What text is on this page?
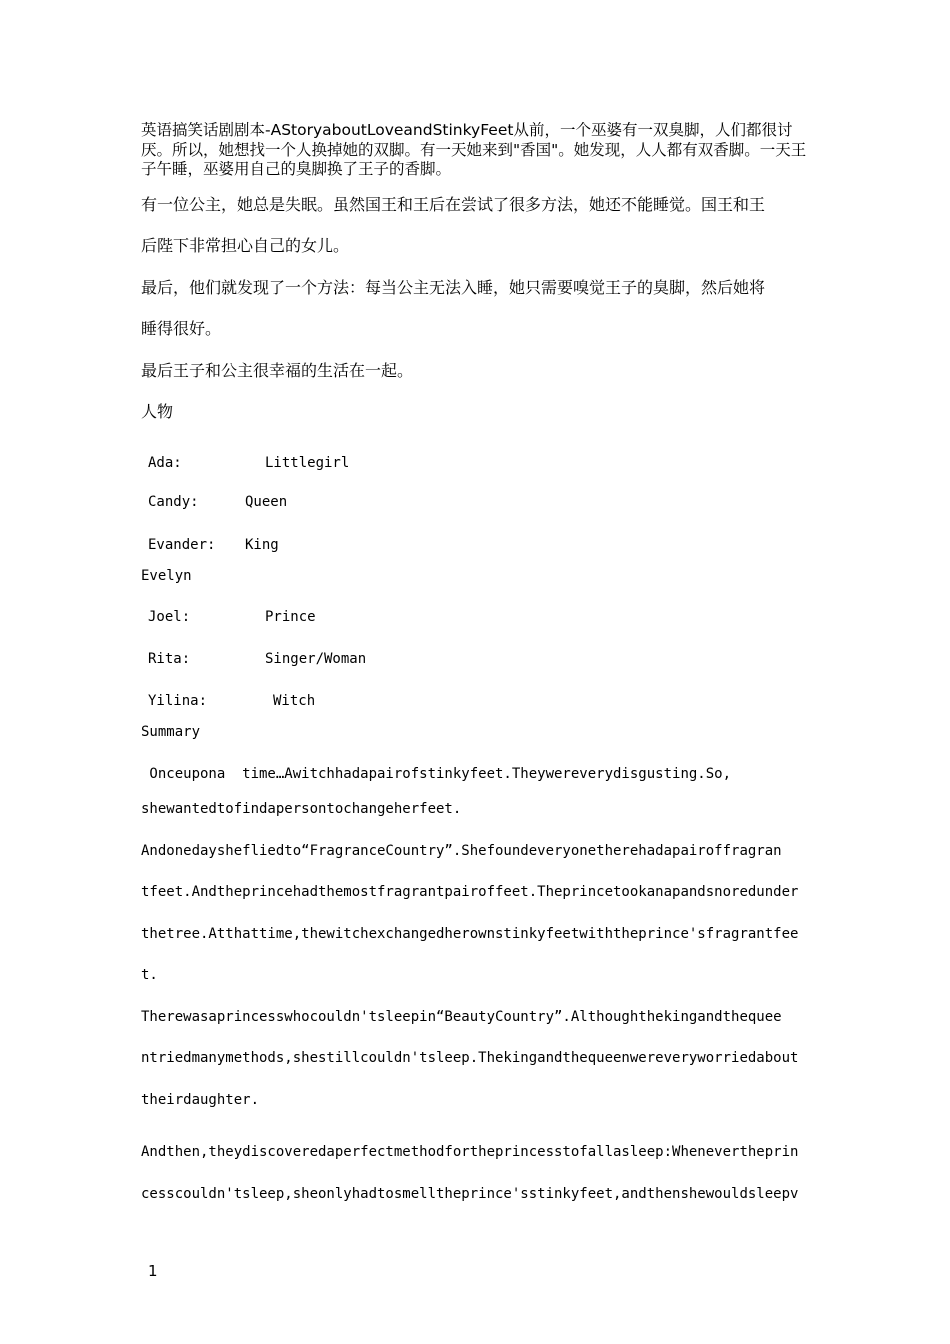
英语搞笑话剧剧本-AStoryaboutLoveandStinkyFeet从前，一个巫婆有一双臭脚，人们都很讨厌。所以，她想找一个人换掉她的双脚。有一天她来到"香国"。她发现，人人都有双香脚。一天王子午睡，巫婆用自己的臭脚换了王子的香脚。

有一位公主，她总是失眠。虽然国王和王后在尝试了很多方法，她还不能睡觉。国王和王

后陛下非常担心自己的女儿。

最后，他们就发现了一个方法：每当公主无法入睡，她只需要嗅觉王子的臭脚，然后她将

睡得很好。

最后王子和公主很幸福的生活在一起。

人物

Ada:	Littlegirl

Candy:	Queen

Evander: King

Evelyn

Joel:	Prince

Rita:	Singer/Woman

Yilina:	Witch

Summary

Onceupona  time…Awitchhadapairofstinkyfeet.Theywereverydisgusting.So,

shewantedtofindapersontochangeherfeet.

Andonedayshefliedto“FragranceCountry”.Shefoundeveryonetherehadapairoffragran

tfeet.Andtheprincehadthemostfragrantpairoffeet.Theprincetookanapandsnoredunder

thetree.Atthattime,thewitchexchangedherownstinkyfeetwiththeprince'sfragrantfee

t.

Therewasaprincesswhocouldn'tsleepin“BeautyCountry”.Althoughthekingandthequee

ntriedmanymethods,shestillcouldn'tsleep.Thekingandthequeenwereveryworriedabout

theirdaughter.

Andthen,theydiscoveredaperfectmethodfortheprincesstofallasleep:Whenevertheprin

cesscouldn'tsleep,sheonlyhadtosmelltheprince'sstinkyfeet,andthenshewouldsleepv

1
